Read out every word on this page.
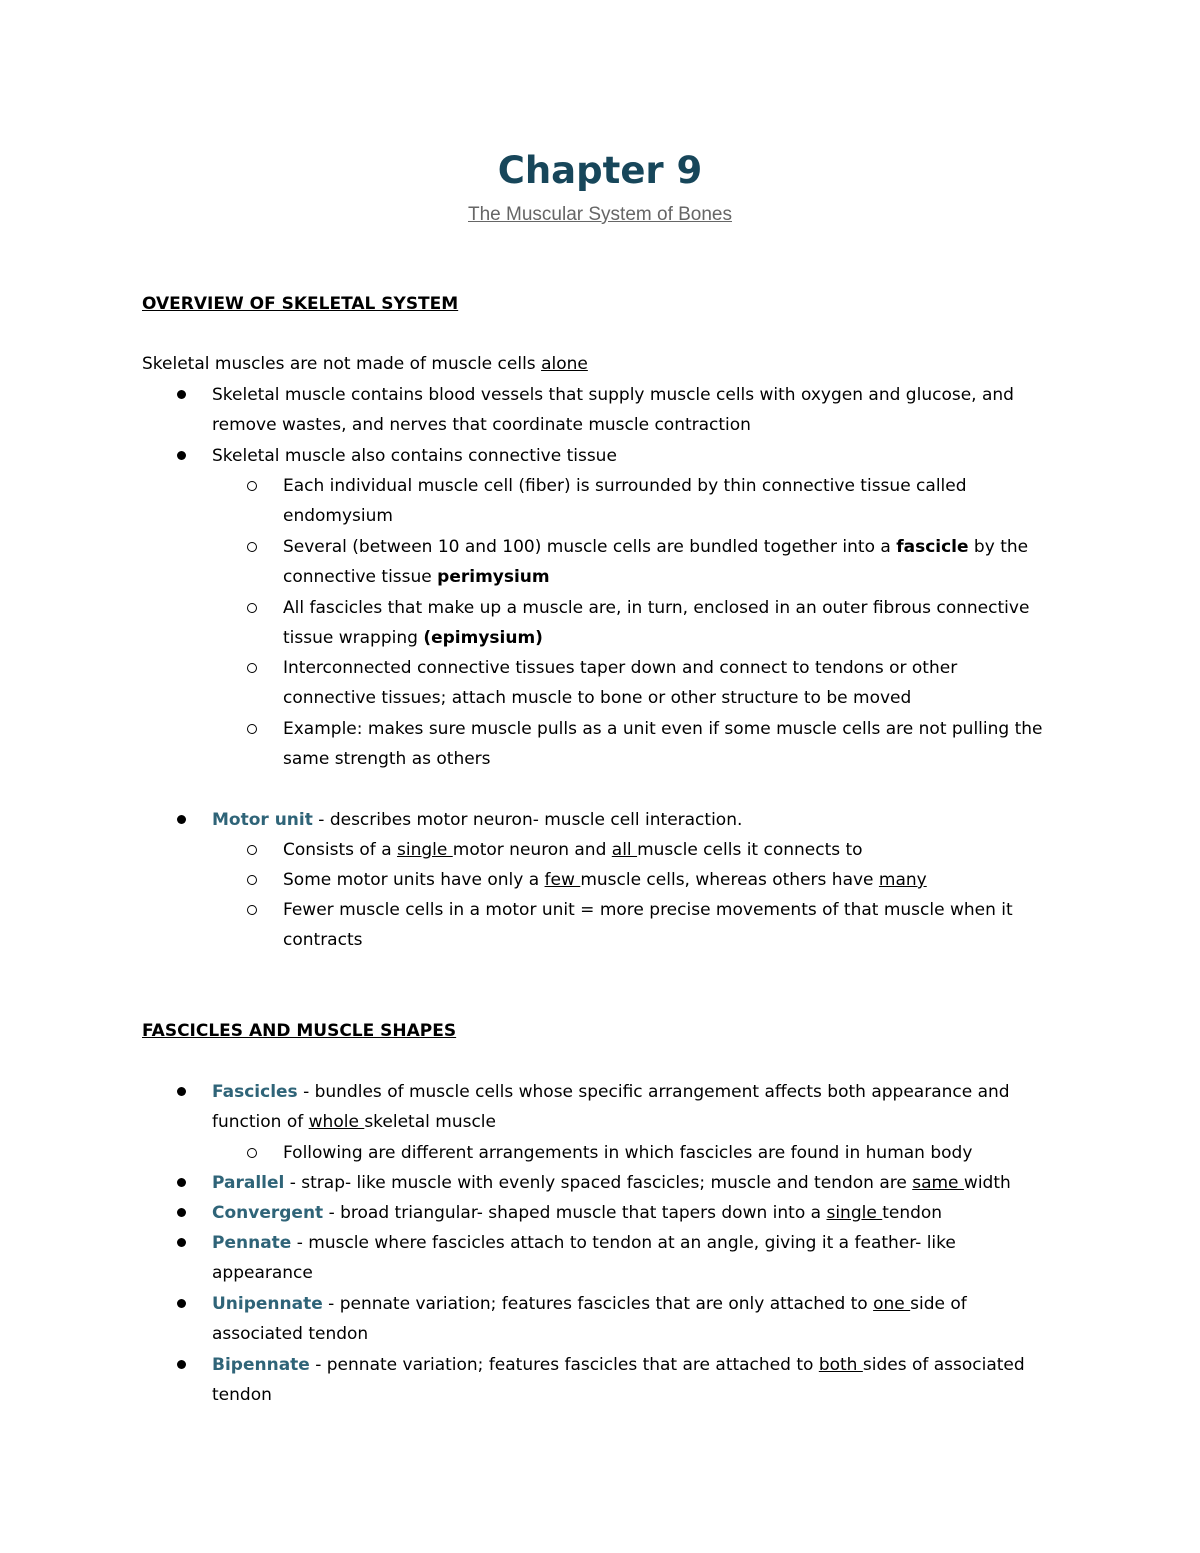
Chapter 9
The Muscular System of Bones
OVERVIEW OF SKELETAL SYSTEM
Skeletal muscles are not made of muscle cells alone
Skeletal muscle contains blood vessels that supply muscle cells with oxygen and glucose, and
remove wastes, and nerves that coordinate muscle contraction
Skeletal muscle also contains connective tissue
Each individual muscle cell (fiber) is surrounded by thin connective tissue called
endomysium
Several (between 10 and 100) muscle cells are bundled together into a fascicle by the
connective tissue perimysium
All fascicles that make up a muscle are, in turn, enclosed in an outer fibrous connective
tissue wrapping (epimysium)
Interconnected connective tissues taper down and connect to tendons or other
connective tissues; attach muscle to bone or other structure to be moved
Example: makes sure muscle pulls as a unit even if some muscle cells are not pulling the
same strength as others
Motor unit - describes motor neuron- muscle cell interaction.
Consists of a single motor neuron and all muscle cells it connects to
Some motor units have only a few muscle cells, whereas others have many
Fewer muscle cells in a motor unit = more precise movements of that muscle when it
contracts
FASCICLES AND MUSCLE SHAPES
Fascicles - bundles of muscle cells whose specific arrangement affects both appearance and
function of whole skeletal muscle
Following are different arrangements in which fascicles are found in human body
Parallel - strap- like muscle with evenly spaced fascicles; muscle and tendon are same width
Convergent - broad triangular- shaped muscle that tapers down into a single tendon
Pennate - muscle where fascicles attach to tendon at an angle, giving it a feather- like
appearance
Unipennate - pennate variation; features fascicles that are only attached to one side of
associated tendon
Bipennate - pennate variation; features fascicles that are attached to both sides of associated
tendon
